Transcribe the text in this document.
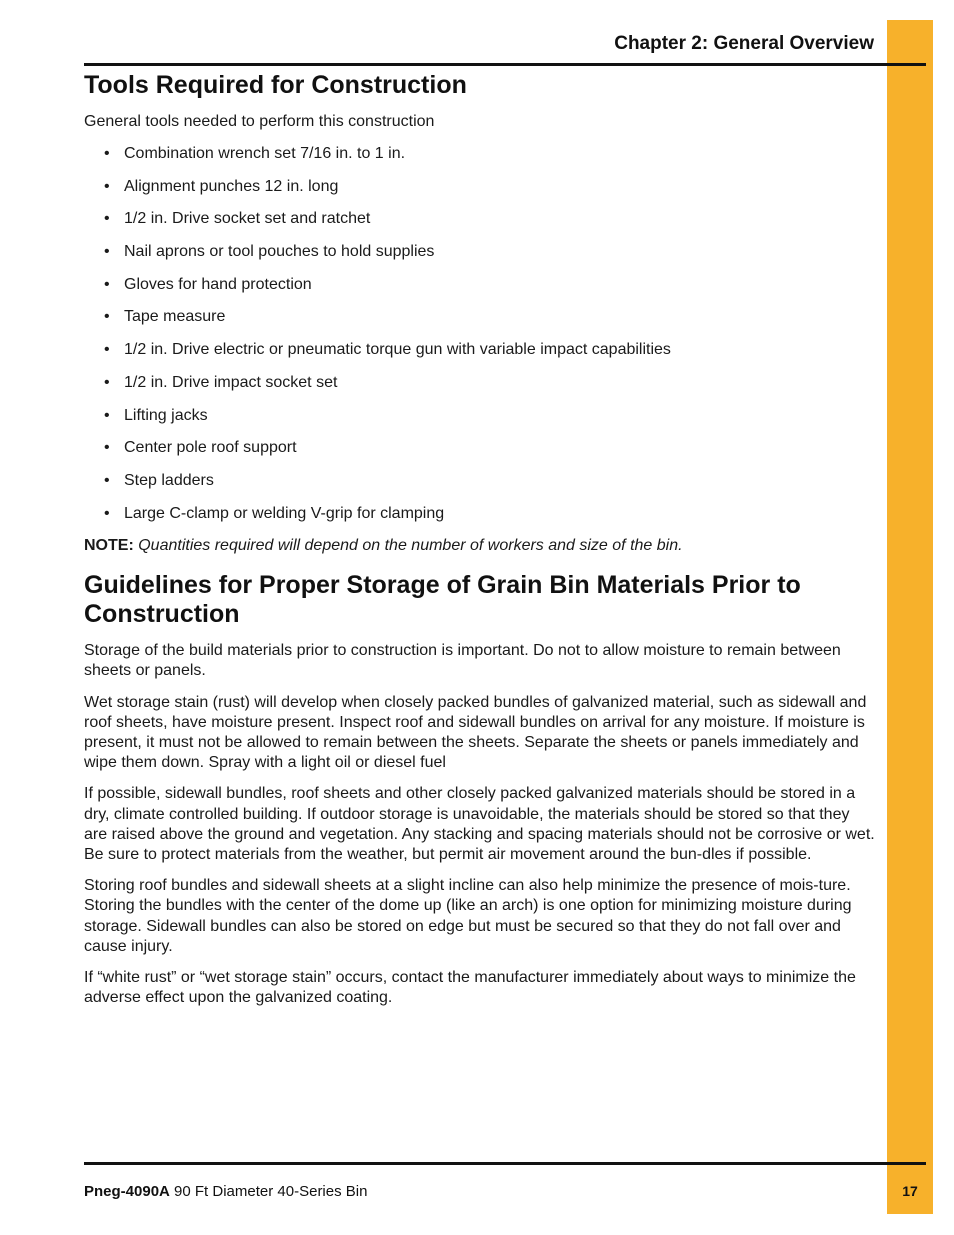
Chapter 2: General Overview
Tools Required for Construction

General tools needed to perform this construction

• Combination wrench set 7/16 in. to 1 in.
• Alignment punches 12 in. long
• 1/2 in. Drive socket set and ratchet
• Nail aprons or tool pouches to hold supplies
• Gloves for hand protection
• Tape measure
• 1/2 in. Drive electric or pneumatic torque gun with variable impact capabilities
• 1/2 in. Drive impact socket set
• Lifting jacks
• Center pole roof support
• Step ladders
• Large C-clamp or welding V-grip for clamping

NOTE: Quantities required will depend on the number of workers and size of the bin.

Guidelines for Proper Storage of Grain Bin Materials Prior to Construction

Storage of the build materials prior to construction is important. Do not to allow moisture to remain between sheets or panels.

Wet storage stain (rust) will develop when closely packed bundles of galvanized material, such as sidewall and roof sheets, have moisture present. Inspect roof and sidewall bundles on arrival for any moisture. If moisture is present, it must not be allowed to remain between the sheets. Separate the sheets or panels immediately and wipe them down. Spray with a light oil or diesel fuel

If possible, sidewall bundles, roof sheets and other closely packed galvanized materials should be stored in a dry, climate controlled building. If outdoor storage is unavoidable, the materials should be stored so that they are raised above the ground and vegetation. Any stacking and spacing materials should not be corrosive or wet. Be sure to protect materials from the weather, but permit air movement around the bun-dles if possible.

Storing roof bundles and sidewall sheets at a slight incline can also help minimize the presence of mois-ture. Storing the bundles with the center of the dome up (like an arch) is one option for minimizing moisture during storage. Sidewall bundles can also be stored on edge but must be secured so that they do not fall over and cause injury.

If “white rust” or “wet storage stain” occurs, contact the manufacturer immediately about ways to minimize the adverse effect upon the galvanized coating.

Pneg-4090A 90 Ft Diameter 40-Series Bin	17
